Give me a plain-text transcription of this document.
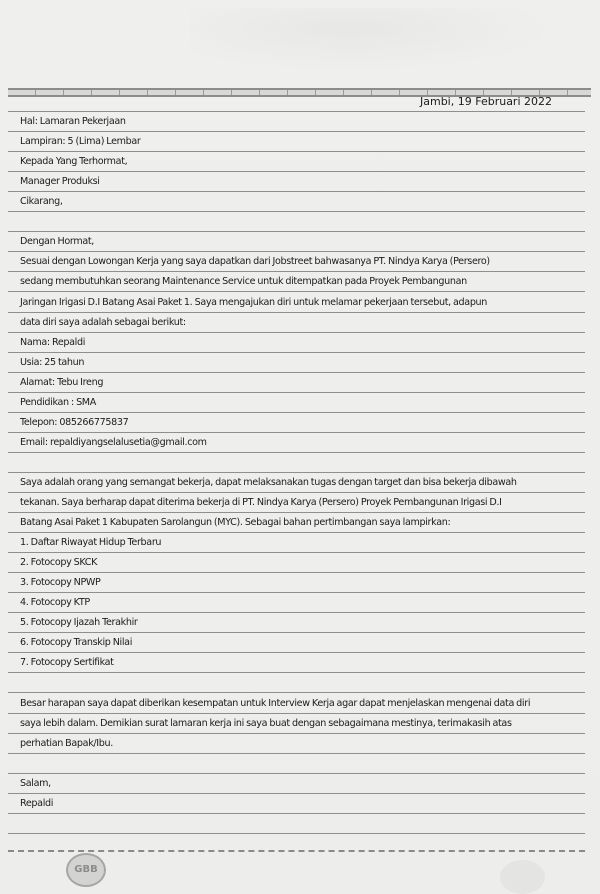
Jambi, 19 Februari 2022
Hal: Lamaran Pekerjaan
Lampiran: 5 (Lima) Lembar
Kepada Yang Terhormat,
Manager Produksi
Cikarang,
Dengan Hormat,
Sesuai dengan Lowongan Kerja yang saya dapatkan dari Jobstreet bahwasanya PT. Nindya Karya (Persero)
sedang membutuhkan seorang Maintenance Service untuk ditempatkan pada Proyek Pembangunan
Jaringan Irigasi D.I Batang Asai Paket 1. Saya mengajukan diri untuk melamar pekerjaan tersebut, adapun
data diri saya adalah sebagai berikut:
Nama: Repaldi
Usia: 25 tahun
Alamat: Tebu Ireng
Pendidikan : SMA
Telepon: 085266775837
Email: repaldiyangselalusetia@gmail.com
Saya adalah orang yang semangat bekerja, dapat melaksanakan tugas dengan target dan bisa bekerja dibawah
tekanan. Saya berharap dapat diterima bekerja di PT. Nindya Karya (Persero) Proyek Pembangunan Irigasi D.I
Batang Asai Paket 1 Kabupaten Sarolangun (MYC). Sebagai bahan pertimbangan saya lampirkan:
1. Daftar Riwayat Hidup Terbaru
2. Fotocopy SKCK
3. Fotocopy NPWP
4. Fotocopy KTP
5. Fotocopy Ijazah Terakhir
6. Fotocopy Transkip Nilai
7. Fotocopy Sertifikat
Besar harapan saya dapat diberikan kesempatan untuk Interview Kerja agar dapat menjelaskan mengenai data diri
saya lebih dalam. Demikian surat lamaran kerja ini saya buat dengan sebagaimana mestinya, terimakasih atas
perhatian Bapak/Ibu.
Salam,
Repaldi
GBB
